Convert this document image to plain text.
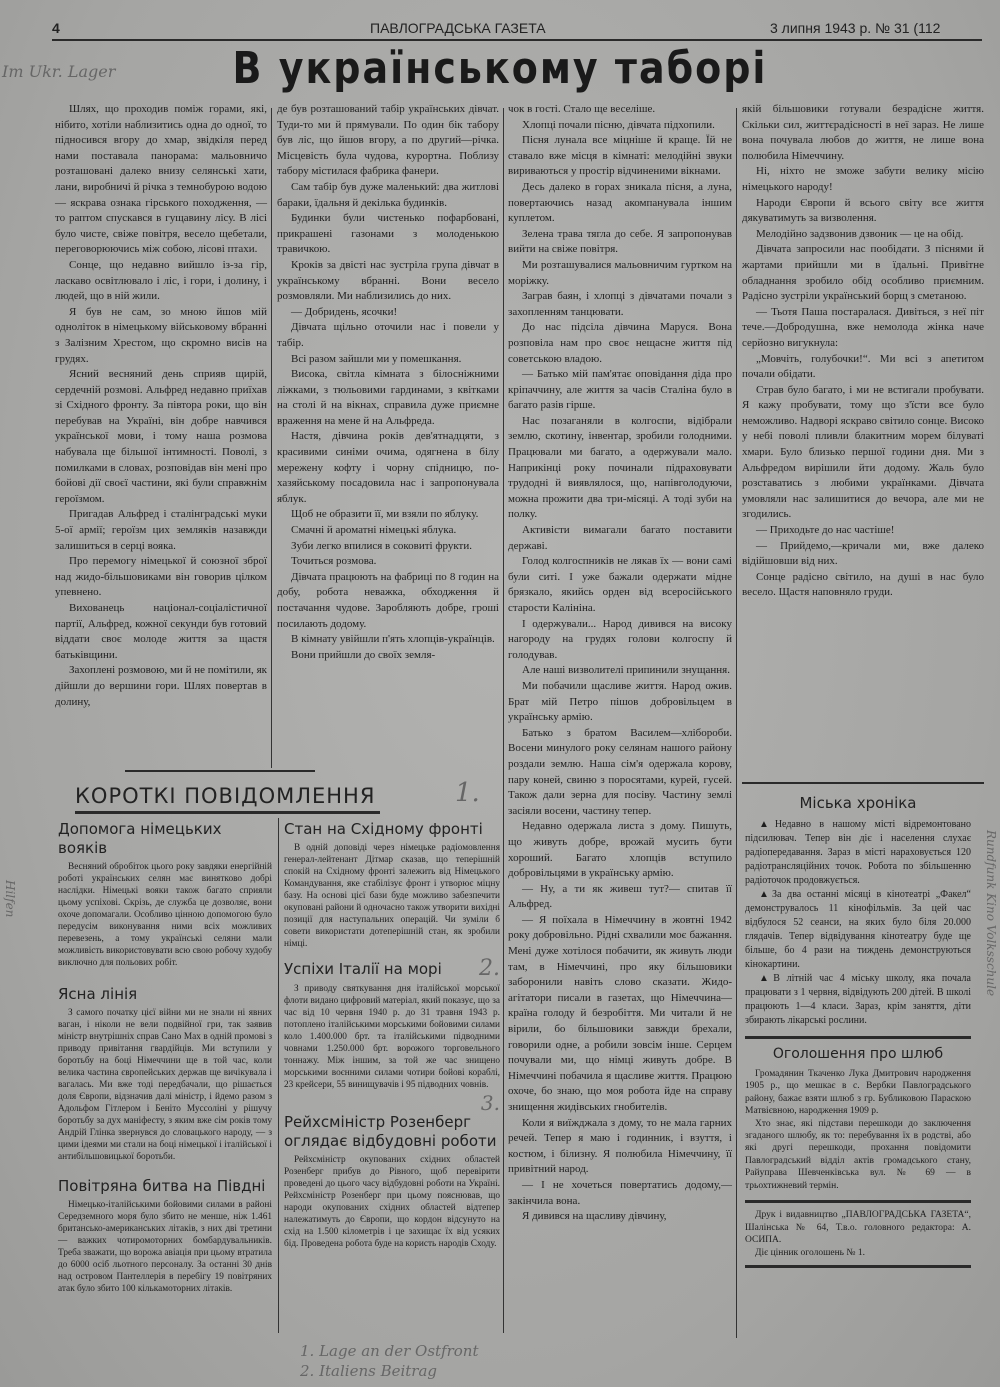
4	ПАВЛОГРАДСЬКА ГАЗЕТА	3 липня 1943 р. № 31 (112
Im Ukr. Lager	В українському таборі

Шлях, що проходив поміж горами, які, нібито, хотіли наблизитись одна до одної, то підносився вгору до хмар, звідкіля перед нами поставала панорама: мальовничо розташовані далеко внизу селянські хати, лани, виробничі й річка з темнобурою водою — яскрава ознака гірського походження, — то раптом спускався в гущавину лісу. В лісі було чисте, свіже повітря, весело щебетали, переговорюючись між собою, лісові птахи.

Сонце, що недавно вийшло із-за гір, ласкаво освітлювало і ліс, і гори, і долину, і людей, що в ній жили.

Я був не сам, зо мною йшов мій одноліток в німецькому військовому вбранні з Залізним Хрестом, що скромно висів на грудях.

Ясний весняний день сприяв щирій, сердечній розмові. Альфред недавно приїхав зі Східного фронту. За півтора роки, що він перебував на Україні, він добре навчився української мови, і тому наша розмова набувала ще більшої інтимності. Поволі, з помилками в словах, розповідав він мені про бойові дії своєї частини, які були справжнім героїзмом.

Пригадав Альфред і сталінградські муки 5-ої армії; героїзм цих земляків назавжди залишиться в серці вояка.

Про перемогу німецької й союзної зброї над жидо-більшовиками він говорив цілком упевнено.

Вихованець націонал-соціалістичної партії, Альфред, кожної секунди був готовий віддати своє молоде життя за щастя батьківщини.

Захоплені розмовою, ми й не помітили, як дійшли до вершини гори. Шлях повертав в долину,

де був розташований табір українських дівчат. Туди-то ми й прямували. По один бік табору був ліс, що йшов вгору, а по другий—річка. Місцевість була чудова, курортна. Поблизу табору містилася фабрика фанери.

Сам табір був дуже маленький: два житлові бараки, їдальня й декілька будинків.

Будинки були чистенько пофарбовані, прикрашені газонами з молоденькою травичкою.

Кроків за двісті нас зустріла група дівчат в українському вбранні. Вони весело розмовляли. Ми наблизились до них.

— Добридень, ясочки!

Дівчата щільно оточили нас і повели у табір.

Всі разом зайшли ми у помешкання.

Висока, світла кімната з білосніжними ліжками, з тюльовими гардинами, з квітками на столі й на вікнах, справила дуже приємне враження на мене й на Альфреда.

Настя, дівчина років дев'ятнадцяти, з красивими синіми очима, одягнена в білу мережену кофту і чорну спідницю, по-хазяйському посадовила нас і запропонувала яблук.

Щоб не образити її, ми взяли по яблуку.

Смачні й ароматні німецькі яблука.

Зуби легко впилися в соковиті фрукти.

Точиться розмова.

Дівчата працюють на фабриці по 8 годин на добу, робота неважка, обходження й постачання чудове. Заробляють добре, гроші посилають додому.

В кімнату увійшли п'ять хлопців-українців.

Вони прийшли до своїх земля-

чок в гості. Стало ще веселіше.

Хлопці почали пісню, дівчата підхопили.

Пісня лунала все міцніше й краще. Їй не ставало вже місця в кімнаті: мелодійні звуки вириваються у простір відчиненими вікнами.

Десь далеко в горах зникала пісня, а луна, повертаючись назад акомпанувала іншим куплетом.

Зелена трава тягла до себе. Я запропонував вийти на свіже повітря.

Ми розташувалися мальовничим гуртком на моріжку.

Заграв баян, і хлопці з дівчатами почали з захопленням танцювати.

До нас підсіла дівчина Маруся. Вона розповіла нам про своє нещасне життя під советською владою.

— Батько мій пам'ятає оповідання діда про кріпаччину, але життя за часів Сталіна було в багато разів гірше.

Нас позаганяли в колгоспи, відібрали землю, скотину, інвентар, зробили голодними. Працювали ми багато, а одержували мало. Наприкінці року починали підраховувати трудодні й виявлялося, що, напівголодуючи, можна прожити два три-місяці. А тоді зуби на полку.

Активісти вимагали багато поставити державі.

Голод колгоспників не лякав їх — вони самі були ситі. І уже бажали одержати мідне брязкало, якийсь орден від всеросійського старости Калініна.

І одержували... Народ дивився на високу нагороду на грудях голови колгоспу й голодував.

Але наші визволителі припинили знущання.

Ми побачили щасливе життя. Народ ожив. Брат мій Петро пішов добровільцем в українську армію.

Батько з братом Василем—хлібороби. Восени минулого року селянам нашого району роздали землю. Наша сім'я одержала корову, пару коней, свиню з поросятами, курей, гусей. Також дали зерна для посіву. Частину землі засіяли восени, частину тепер.

Недавно одержала листа з дому. Пишуть, що живуть добре, врожай мусить бути хороший. Багато хлопців вступило добровільцями в українську армію.

— Ну, а ти як живеш тут?— спитав її Альфред.

— Я поїхала в Німеччину в жовтні 1942 року добровільно. Рідні схвалили моє бажання. Мені дуже хотілося побачити, як живуть люди там, в Німеччині, про яку більшовики заборонили навіть слово сказати. Жидо-агітатори писали в газетах, що Німеччина—країна голоду й безробіття. Ми читали й не вірили, бо більшовики завжди брехали, говорили одне, а робили зовсім інше. Серцем почували ми, що німці живуть добре. В Німеччині побачила я щасливе життя. Працюю охоче, бо знаю, що моя робота йде на справу знищення жидівських гнобителів.

Коли я виїжджала з дому, то не мала гарних речей. Тепер я маю і годинник, і взуття, і костюм, і білизну. Я полюбила Німеччину, її привітний народ.

— І не хочеться повертатись додому,—закінчила вона.

Я дивився на щасливу дівчину,

якій більшовики готували безрадісне життя. Скільки сил, життєрадісності в неї зараз. Не лише вона почувала любов до життя, не лише вона полюбила Німеччину.

Ні, ніхто не зможе забути велику місію німецького народу!

Народи Європи й всього світу все життя дякуватимуть за визволення.

Мелодійно задзвонив дзвоник — це на обід.

Дівчата запросили нас пообідати. З піснями й жартами прийшли ми в їдальні. Привітне обладнання зробило обід особливо приємним. Радісно зустріли український борщ з сметаною.

— Тьотя Паша постаралася. Дивіться, з неї піт тече.—Добродушна, вже немолода жінка наче серйозно вигукнула:

„Мовчіть, голубочки!“. Ми всі з апетитом почали обідати.

Страв було багато, і ми не встигали пробувати. Я кажу пробувати, тому що з'їсти все було неможливо. Надворі яскраво світило сонце. Високо у небі поволі пливли блакитним морем білуваті хмари. Було близько першої години дня. Ми з Альфредом вирішили йти додому. Жаль було розставатись з любими українками. Дівчата умовляли нас залишитися до вечора, але ми не згодились.

— Приходьте до нас частіше!

— Прийдемо,—кричали ми, вже далеко відійшовши від них.

Сонце радісно світило, на душі в нас було весело. Щастя наповняло груди.

КОРОТКІ ПОВІДОМЛЕННЯ	1.
Допомога німецьких вояків

Весняний обробіток цього року завдяки енергійній роботі українських селян має винятково добрі наслідки. Німецькі вояки також багато сприяли цьому успіхові. Скрізь, де служба це дозволяє, вони охоче допомагали. Особливо цінною допомогою було передусім виконування ними всіх можливих перевезень, а тому українські селяни мали можливість використовувати всю свою робочу худобу виключно для польових робіт.

Ясна лінія

З самого початку цієї війни ми не знали ні явних ваган, і ніколи не вели подвійної гри, так заявив міністр внутрішніх справ Сано Мах в одній промові з приводу привітання гвардійців. Ми вступили у боротьбу на боці Німеччини ще в той час, коли велика частина європейських держав ще вичікувала і вагалась. Ми вже тоді передбачали, що рішається доля Європи, відзначив далі міністр, і йдемо разом з Адольфом Гітлером і Беніто Муссоліні у рішучу боротьбу за дух маніфесту, з яким вже сім років тому Андрій Глінка звернувся до словацького народу, — з цими ідеями ми стали на боці німецької і італійської і антибільшовицької боротьби.

Повітряна битва на Півдні

Німецько-італійськими бойовими силами в районі Середземного моря було збито не менше, ніж 1.461 британсько-американських літаків, з них дві третини — важких чотиромоторних бомбардувальників. Треба зважати, що ворожа авіація при цьому втратила до 6000 осіб льотного персоналу. За останні 30 днів над островом Пантеллерія в перебігу 19 повітряних атак було збито 100 кількамоторних літаків.

Стан на Східному фронті

В одній доповіді через німецьке радіомовлення генерал-лейтенант Дітмар сказав, що теперішній спокій на Східному фронті залежить від Німецького Командування, яке стабілізує фронт і утворює міцну базу. На основі цієї бази буде можливо забезпечити окуповані райони й одночасно також утворити вихідні позиції для наступальних операцій. Чи зуміли б совети використати дотеперішній стан, як зробили німці.

Успіхи Італії на морі 2.

З приводу святкування дня італійської морської флоти видано цифровий матеріал, який показує, що за час від 10 червня 1940 р. до 31 травня 1943 р. потоплено італійськими морськими бойовими силами коло 1.400.000 брт. та італійськими підводними човнами 1.250.000 брт. ворожого торговельного тоннажу. Між іншим, за той же час знищено морськими воєнними силами чотири бойові кораблі, 23 крейсери, 55 винищувачів і 95 підводних човнів.

3.
Рейхсміністр Розенберг оглядає відбудовні роботи

Рейхсміністр окупованих східних областей Розенберг прибув до Рівного, щоб перевірити проведені до цього часу відбудовні роботи на Україні. Рейхсміністр Розенберг при цьому пояснював, що народи окупованих східних областей відтепер належатимуть до Європи, що кордон відсунуто на схід на 1.500 кілометрів і це захищає їх від усяких бід. Проведена робота буде на користь народів Сходу.

Hilfen
Міська хроніка

▲Недавно в нашому місті відремонтовано підсилювач. Тепер він діє і населення слухає радіопередавання. Зараз в місті нараховується 120 радіотрансляційних точок. Робота по збільшенню радіоточок продовжується.

▲За два останні місяці в кінотеатрі „Факел“ демонструвалось 11 кінофільмів. За цей час відбулося 52 сеанси, на яких було біля 20.000 глядачів. Тепер відвідування кінотеатру буде ще більше, бо 4 рази на тиждень демонструються кінокартини.

▲В літній час 4 міську школу, яка почала працювати з 1 червня, відвідують 200 дітей. В школі працюють 1—4 класи. Зараз, крім заняття, діти збирають лікарські рослини.

Оголошення про шлюб

Громадянин Ткаченко Лука Дмитрович народження 1905 р., що мешкає в с. Вербки Павлоградського району, бажає взяти шлюб з гр. Бубликовою Параскою Матвієвною, народження 1909 р.

Хто знає, які підстави перешкоди до заключення згаданого шлюбу, як то: перебування їх в родстві, або які другі перешкоди, прохання повідомити Павлоградський відділ актів громадського стану, Райуправа Шевченківська вул. № 69 — в трьохтижневий термін.

Друк і видавництво „ПАВЛОГРАДСЬКА ГАЗЕТА“, Шалінська № 64, Т.в.о. головного редактора: А. ОСИПА.

Діє цінник оголошень № 1.

Rundfunk Kino Volksschule
1. Lage an der Ostfront
2. Italiens Beitrag
